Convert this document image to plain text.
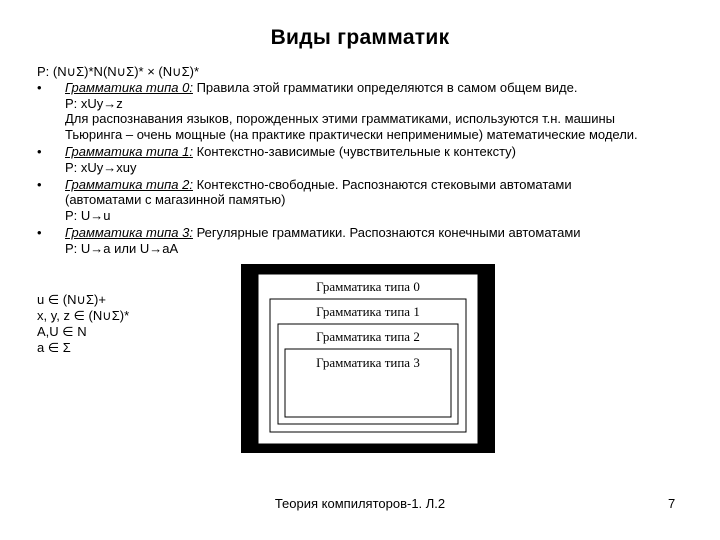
Виды грамматик
P: (N∪Σ)*N(N∪Σ)* × (N∪Σ)*
• Грамматика типа 0: Правила этой грамматики определяются в самом общем виде.
P: xUy→z
Для распознавания языков, порожденных этими грамматиками, используются т.н. машины Тьюринга – очень мощные (на практике практически неприменимые) математические модели.
• Грамматика типа 1: Контекстно-зависимые (чувствительные к контексту)
P: xUy→xuy
• Грамматика типа 2: Контекстно-свободные. Распознаются стековыми автоматами (автоматами с магазинной памятью)
P: U→u
• Грамматика типа 3: Регулярные грамматики. Распознаются конечными автоматами
P: U→a или U→aA
u ∈ (N∪Σ)+
x, y, z ∈ (N∪Σ)*
A,U ∈ N
a ∈ Σ
Грамматика типа 0
Грамматика типа 1
Грамматика типа 2
Грамматика типа 3
Теория компиляторов-1. Л.2	7
